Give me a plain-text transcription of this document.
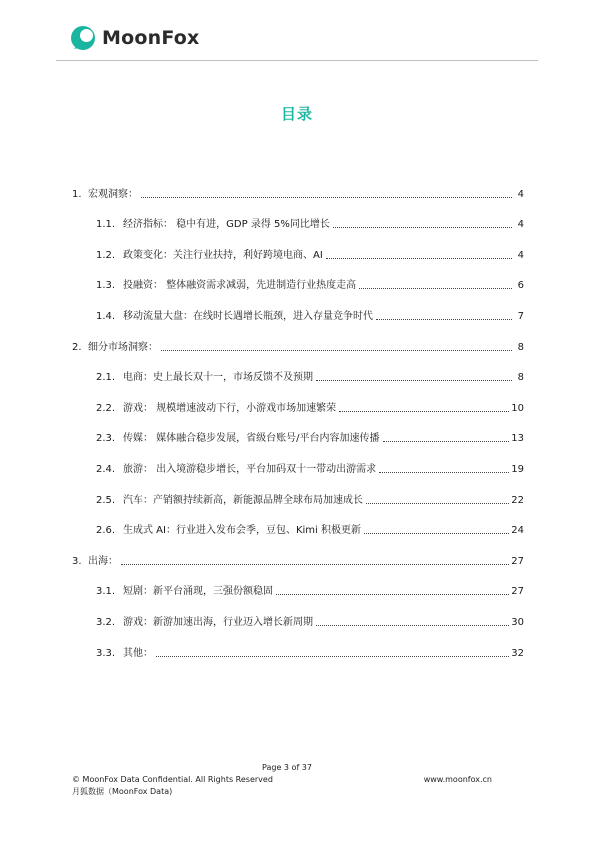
MoonFox
目录
1. 宏观洞察：	4
1.1. 经济指标： 稳中有进，GDP 录得 5%同比增长	4
1.2. 政策变化：关注行业扶持，利好跨境电商、AI	4
1.3. 投融资： 整体融资需求减弱，先进制造行业热度走高	6
1.4. 移动流量大盘：在线时长遇增长瓶颈，进入存量竞争时代	7
2. 细分市场洞察：	8
2.1. 电商：史上最长双十一，市场反馈不及预期	8
2.2. 游戏： 规模增速波动下行，小游戏市场加速繁荣	10
2.3. 传媒： 媒体融合稳步发展，省级台账号/平台内容加速传播	13
2.4. 旅游： 出入境游稳步增长，平台加码双十一带动出游需求	19
2.5. 汽车：产销额持续新高，新能源品牌全球布局加速成长	22
2.6. 生成式 AI：行业进入发布会季，豆包、Kimi 积极更新	24
3. 出海：	27
3.1. 短剧：新平台涌现，三强份额稳固	27
3.2. 游戏：新游加速出海，行业迈入增长新周期	30
3.3. 其他：	32
Page 3 of 37
© MoonFox Data Confidential. All Rights Reserved	www.moonfox.cn
月狐数据（MoonFox Data)
